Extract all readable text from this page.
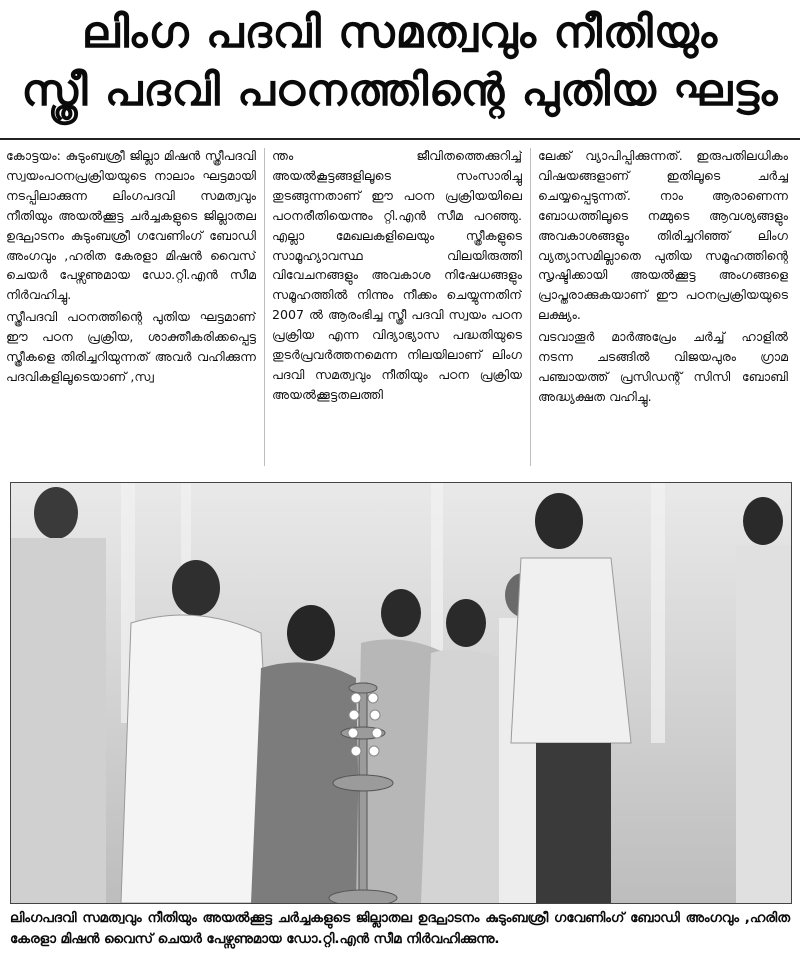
ലിംഗ പദവി സമത്വവും നീതിയും
സ്ത്രീ പദവി പഠനത്തിന്റെ പുതിയ ഘട്ടം

കോട്ടയം: കുടുംബശ്രീ ജില്ലാ മിഷൻ സ്ത്രീപദവി സ്വയംപഠനപ്രക്രിയയുടെ നാലാം ഘട്ടമായി നടപ്പിലാക്കുന്ന ലിംഗപദവി സമത്വവും നീതിയും അയൽക്കൂട്ട ചർച്ചകളുടെ ജില്ലാതല ഉദ്ഘാടനം കുടുംബശ്രീ ഗവേണിംഗ് ബോഡി അംഗവും ,ഹരിത കേരളാ മിഷൻ വൈസ് ചെയർ പേഴ്സണുമായ ഡോ.റ്റി.എൻ സീമ നിർവഹിച്ചു.

സ്ത്രീപദവി പഠനത്തിന്റെ പുതിയ ഘട്ടമാണ് ഈ പഠന പ്രക്രിയ, ശാക്തീകരിക്കപ്പെട്ട സ്ത്രീകളെ തിരിച്ചറിയുന്നത് അവർ വഹിക്കുന്ന പദവികളിലൂടെയാണ് ,സ്വ

ന്തം ജീവിതത്തെക്കുറിച്ച് അയൽകൂട്ടങ്ങളിലൂടെ സംസാരിച്ചു തുടങ്ങുന്നതാണ് ഈ പഠന പ്രക്രിയയിലെ പഠനരീതിയെന്നും റ്റി.എൻ സീമ പറഞ്ഞു. എല്ലാ മേഖലകളിലെയും സ്ത്രീകളുടെ സാമൂഹ്യാവസ്ഥ വിലയിരുത്തി വിവേചനങ്ങളും അവകാശ നിഷേധങ്ങളും സമൂഹത്തിൽ നിന്നും നീക്കം ചെയ്യുന്നതിന് 2007 ൽ ആരംഭിച്ച സ്ത്രീ പദവി സ്വയം പഠന പ്രക്രിയ എന്ന വിദ്യാഭ്യാസ പദ്ധതിയുടെ തുടർപ്രവർത്തനമെന്ന നിലയിലാണ് ലിംഗ പദവി സമത്വവും നീതിയും പഠന പ്രക്രിയ അയൽക്കൂട്ടതലത്തി

ലേക്ക് വ്യാപിപ്പിക്കുന്നത്. ഇരുപതിലധികം വിഷയങ്ങളാണ് ഇതിലൂടെ ചർച്ച ചെയ്യപ്പെടുന്നത്. നാം ആരാണെന്ന ബോധത്തിലൂടെ നമ്മുടെ ആവശ്യങ്ങളും അവകാശങ്ങളും തിരിച്ചറിഞ്ഞ് ലിംഗ വ്യത്യാസമില്ലാതെ പുതിയ സമൂഹത്തിന്റെ സൃഷ്ടിക്കായി അയൽക്കൂട്ട അംഗങ്ങളെ പ്രാപ്തരാക്കുകയാണ് ഈ പഠനപ്രക്രിയയുടെ ലക്ഷ്യം.

വടവാതൂർ മാർഅപ്രേം ചർച്ച് ഹാളിൽ നടന്ന ചടങ്ങിൽ വിജയപുരം ഗ്രാമ പഞ്ചായത്ത് പ്രസിഡന്റ് സിസി ബോബി അദ്ധ്യക്ഷത വഹിച്ചു.

ലിംഗപദവി സമത്വവും നീതിയും അയൽക്കൂട്ട ചർച്ചകളുടെ ജില്ലാതല ഉദ്ഘാടനം കുടുംബശ്രീ ഗവേണിംഗ് ബോഡി അംഗവും ,ഹരിത കേരളാ മിഷൻ വൈസ് ചെയർ പേഴ്സണുമായ ഡോ.റ്റി.എൻ സീമ നിർവഹിക്കുന്നു.
